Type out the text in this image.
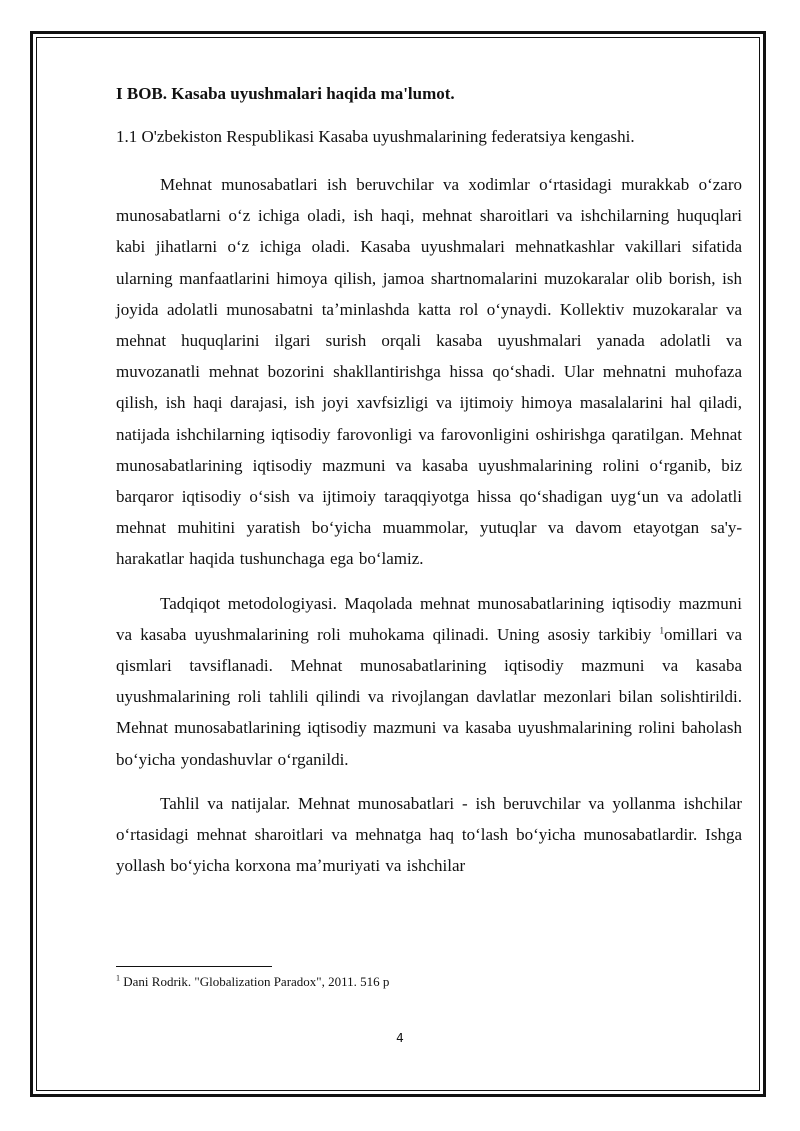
I BOB. Kasaba uyushmalari haqida ma'lumot.

1.1 O'zbekiston Respublikasi Kasaba uyushmalarining federatsiya kengashi.

Mehnat munosabatlari ish beruvchilar va xodimlar oʻrtasidagi murakkab oʻzaro munosabatlarni oʻz ichiga oladi, ish haqi, mehnat sharoitlari va ishchilarning huquqlari kabi jihatlarni oʻz ichiga oladi. Kasaba uyushmalari mehnatkashlar vakillari sifatida ularning manfaatlarini himoya qilish, jamoa shartnomalarini muzokaralar olib borish, ish joyida adolatli munosabatni taʼminlashda katta rol oʻynaydi. Kollektiv muzokaralar va mehnat huquqlarini ilgari surish orqali kasaba uyushmalari yanada adolatli va muvozanatli mehnat bozorini shakllantirishga hissa qoʻshadi. Ular mehnatni muhofaza qilish, ish haqi darajasi, ish joyi xavfsizligi va ijtimoiy himoya masalalarini hal qiladi, natijada ishchilarning iqtisodiy farovonligi va farovonligini oshirishga qaratilgan. Mehnat munosabatlarining iqtisodiy mazmuni va kasaba uyushmalarining rolini oʻrganib, biz barqaror iqtisodiy oʻsish va ijtimoiy taraqqiyotga hissa qoʻshadigan uygʻun va adolatli mehnat muhitini yaratish boʻyicha muammolar, yutuqlar va davom etayotgan sa'y-harakatlar haqida tushunchaga ega boʻlamiz.

Tadqiqot metodologiyasi. Maqolada mehnat munosabatlarining iqtisodiy mazmuni va kasaba uyushmalarining roli muhokama qilinadi. Uning asosiy tarkibiy $^1$omillari va qismlari tavsiflanadi. Mehnat munosabatlarining iqtisodiy mazmuni va kasaba uyushmalarining roli tahlili qilindi va rivojlangan davlatlar mezonlari bilan solishtirildi. Mehnat munosabatlarining iqtisodiy mazmuni va kasaba uyushmalarining rolini baholash boʻyicha yondashuvlar oʻrganildi.

Tahlil va natijalar. Mehnat munosabatlari - ish beruvchilar va yollanma ishchilar oʻrtasidagi mehnat sharoitlari va mehnatga haq toʻlash boʻyicha munosabatlardir. Ishga yollash boʻyicha korxona maʼmuriyati va ishchilar

$^1$ Dani Rodrik. "Globalization Paradox", 2011. 516 p
4
